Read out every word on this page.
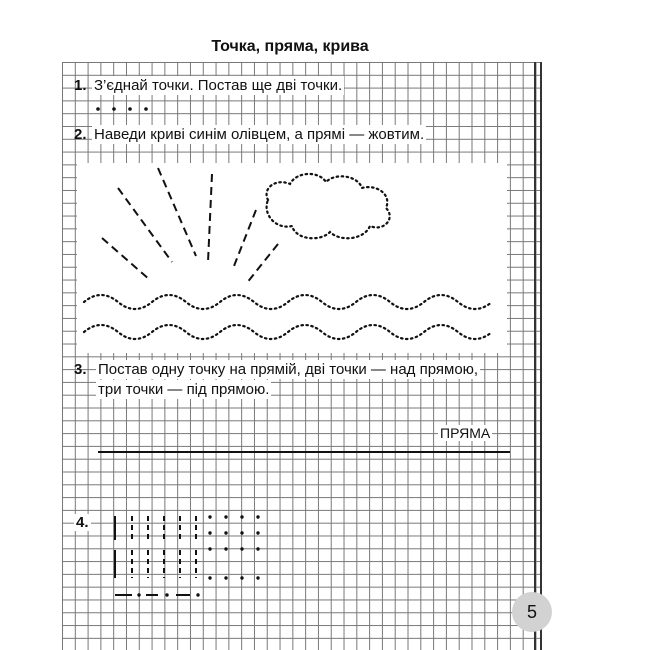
Точка, пряма, крива
1. З’єднай точки. Постав ще дві точки.
2. Наведи криві синім олівцем, а прямі — жовтим.
3. Постав одну точку на прямій, дві точки — над прямою,
три точки — під прямою.
ПРЯМА
4.
5
